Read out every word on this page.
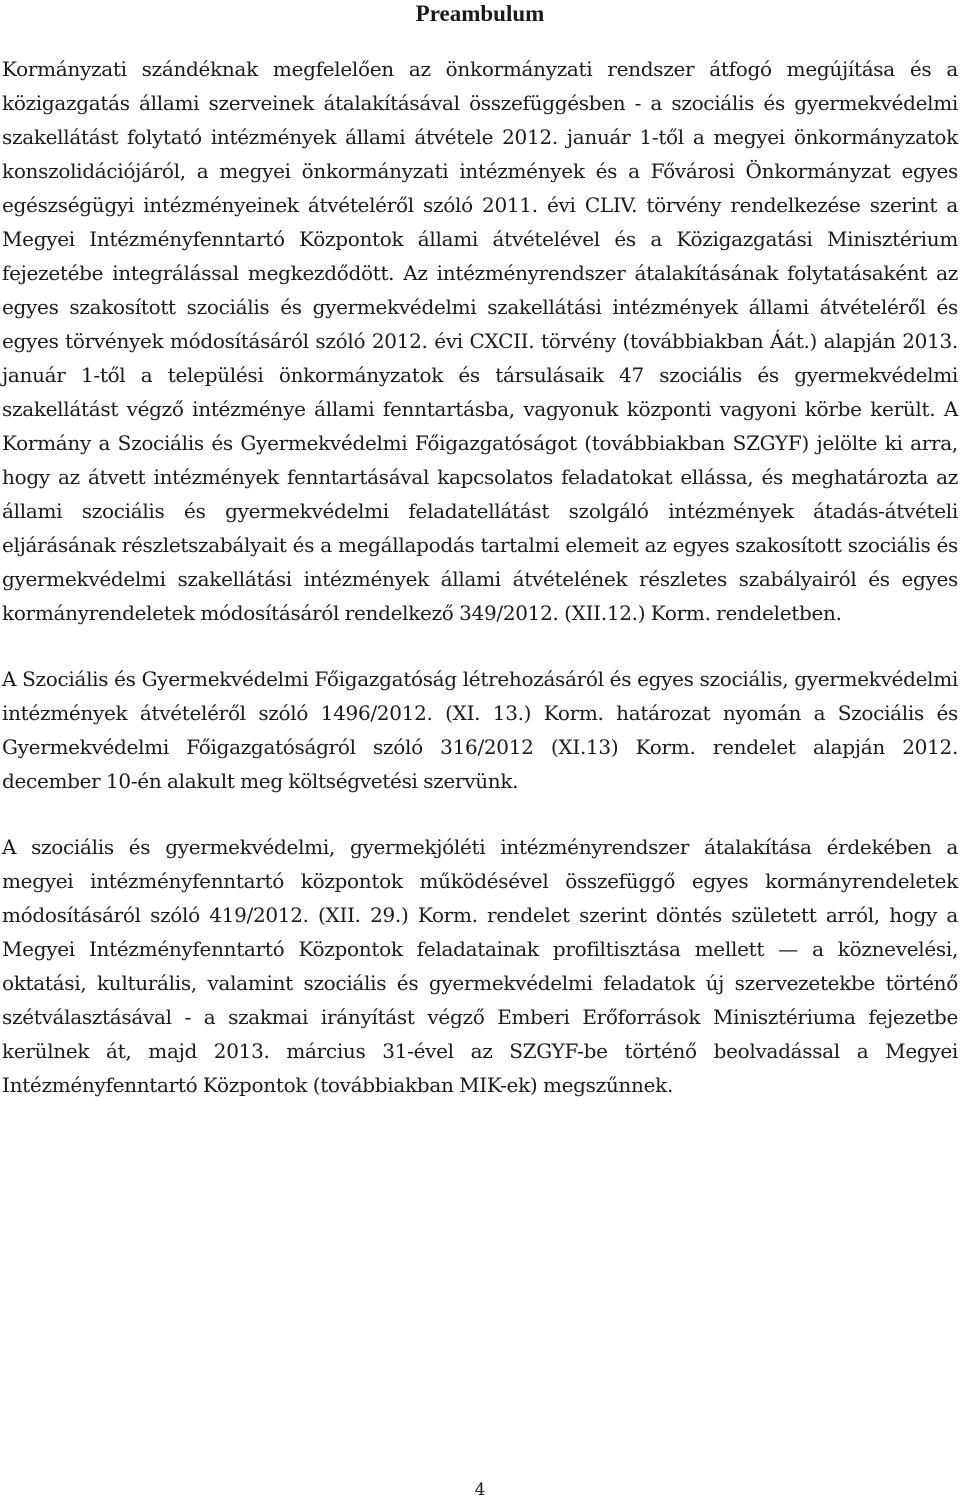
Preambulum

Kormányzati szándéknak megfelelően az önkormányzati rendszer átfogó megújítása és a közigazgatás állami szerveinek átalakításával összefüggésben - a szociális és gyermekvédelmi szakellátást folytató intézmények állami átvétele 2012. január 1-től a megyei önkormányzatok konszolidációjáról, a megyei önkormányzati intézmények és a Fővárosi Önkormányzat egyes egészségügyi intézményeinek átvételéről szóló 2011. évi CLIV. törvény rendelkezése szerint a Megyei Intézményfenntartó Központok állami átvételével és a Közigazgatási Minisztérium fejezetébe integrálással megkezdődött. Az intézményrendszer átalakításának folytatásaként az egyes szakosított szociális és gyermekvédelmi szakellátási intézmények állami átvételéről és egyes törvények módosításáról szóló 2012. évi CXCII. törvény (továbbiakban Áát.) alapján 2013. január 1-től a települési önkormányzatok és társulásaik 47 szociális és gyermekvédelmi szakellátást végző intézménye állami fenntartásba, vagyonuk központi vagyoni körbe került. A Kormány a Szociális és Gyermekvédelmi Főigazgatóságot (továbbiakban SZGYF) jelölte ki arra, hogy az átvett intézmények fenntartásával kapcsolatos feladatokat ellássa, és meghatározta az állami szociális és gyermekvédelmi feladatellátást szolgáló intézmények átadás-átvételi eljárásának részletszabályait és a megállapodás tartalmi elemeit az egyes szakosított szociális és gyermekvédelmi szakellátási intézmények állami átvételének részletes szabályairól és egyes kormányrendeletek módosításáról rendelkező 349/2012. (XII.12.) Korm. rendeletben.

A Szociális és Gyermekvédelmi Főigazgatóság létrehozásáról és egyes szociális, gyermekvédelmi intézmények átvételéről szóló 1496/2012. (XI. 13.) Korm. határozat nyomán a Szociális és Gyermekvédelmi Főigazgatóságról szóló 316/2012 (XI.13) Korm. rendelet alapján 2012. december 10-én alakult meg költségvetési szervünk.

A szociális és gyermekvédelmi, gyermekjóléti intézményrendszer átalakítása érdekében a megyei intézményfenntartó központok működésével összefüggő egyes kormányrendeletek módosításáról szóló 419/2012. (XII. 29.) Korm. rendelet szerint döntés született arról, hogy a Megyei Intézményfenntartó Központok feladatainak profiltisztása mellett — a köznevelési, oktatási, kulturális, valamint szociális és gyermekvédelmi feladatok új szervezetekbe történő szétválasztásával - a szakmai irányítást végző Emberi Erőforrások Minisztériuma fejezetbe kerülnek át, majd 2013. március 31-ével az SZGYF-be történő beolvadással a Megyei Intézményfenntartó Központok (továbbiakban MIK-ek) megszűnnek.

4
